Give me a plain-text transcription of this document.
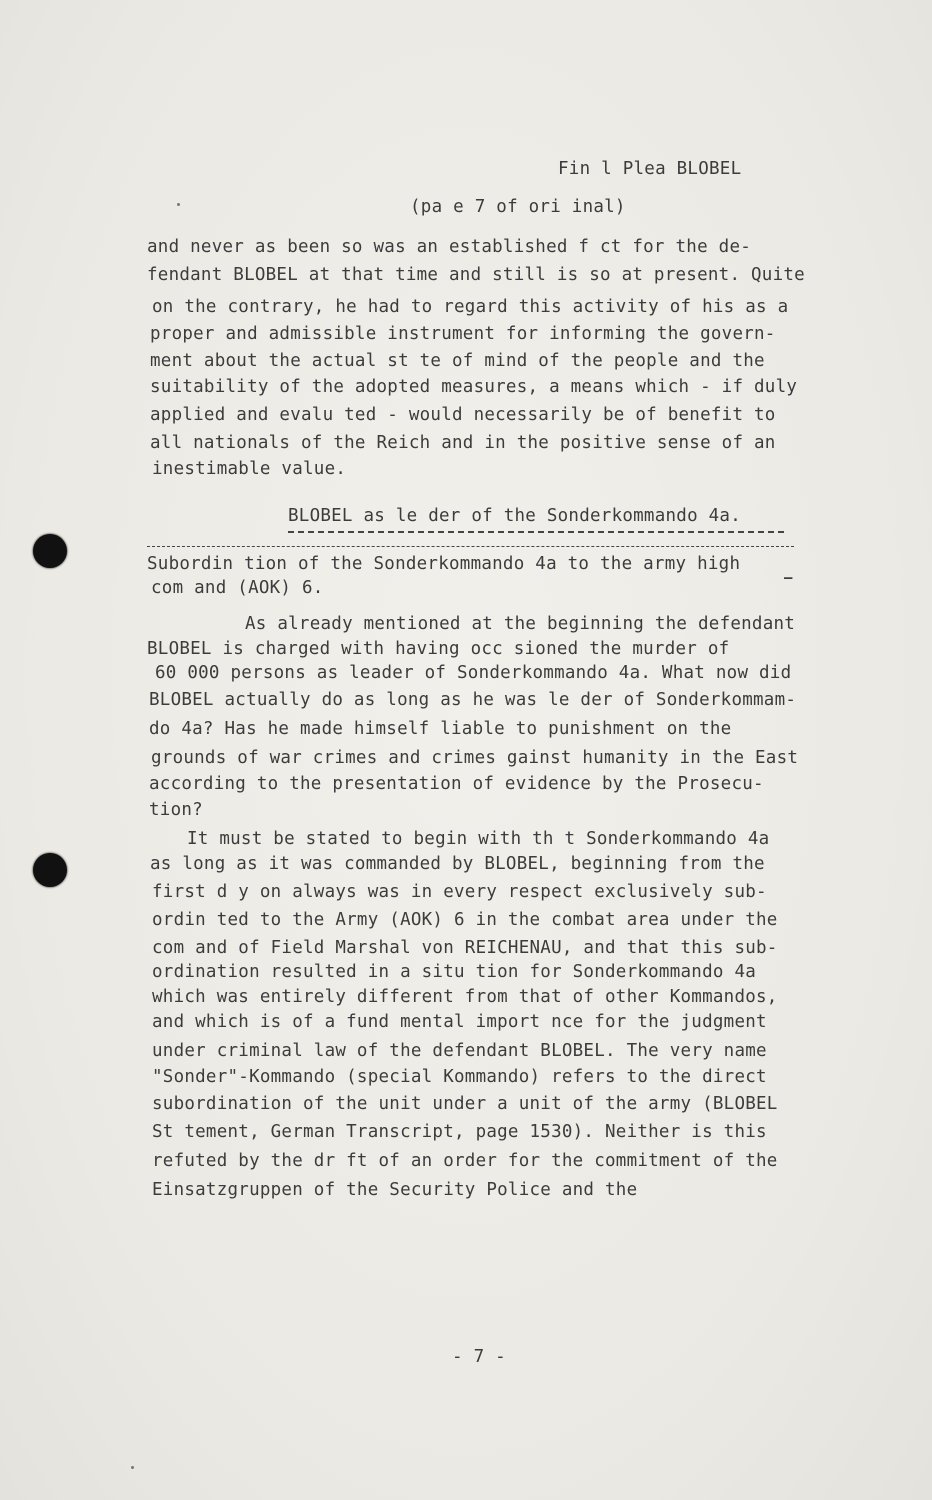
–
Fin l Plea BLOBEL
(pa e 7 of ori inal)
and never as been so was an established f ct for the de-
fendant BLOBEL at that time and still is so at present. Quite
on the contrary, he had to regard this activity of his as a
proper and admissible instrument for informing the govern-
ment about the actual st te of mind of the people and the
suitability of the adopted measures, a means which - if duly
applied and evalu ted - would necessarily be of benefit to
all nationals of the Reich and in the positive sense of an
inestimable value.
BLOBEL as le der of the Sonderkommando 4a.
Subordin tion of the Sonderkommando 4a to the army high
com and (AOK) 6.
As already mentioned at the beginning the defendant
BLOBEL is charged with having occ sioned the murder of
60 000 persons as leader of Sonderkommando 4a. What now did
BLOBEL actually do as long as he was le der of Sonderkommam-
do 4a? Has he made himself liable to punishment on the
grounds of war crimes and crimes gainst humanity in the East
according to the presentation of evidence by the Prosecu-
tion?
It must be stated to begin with th t Sonderkommando 4a
as long as it was commanded by BLOBEL, beginning from the
first d y on always was in every respect exclusively sub-
ordin ted to the Army (AOK) 6 in the combat area under the
com and of Field Marshal von REICHENAU, and that this sub-
ordination resulted in a situ tion for Sonderkommando 4a
which was entirely different from that of other Kommandos,
and which is of a fund mental import nce for the judgment
under criminal law of the defendant BLOBEL. The very name
"Sonder"-Kommando (special Kommando) refers to the direct
subordination of the unit under a unit of the army (BLOBEL
St tement, German Transcript, page 1530). Neither is this
refuted by the dr ft of an order for the commitment of the
Einsatzgruppen of the Security Police and the
- 7 -
